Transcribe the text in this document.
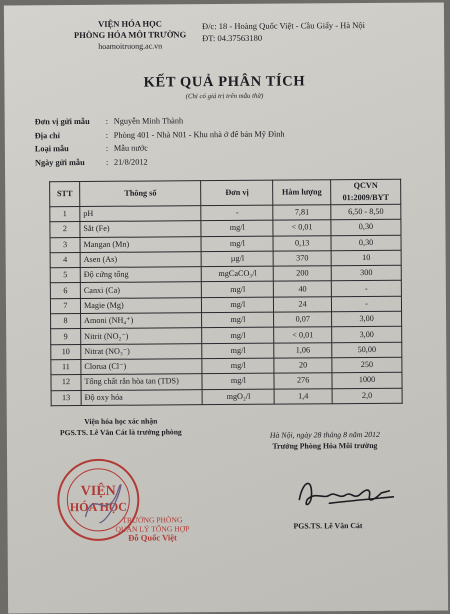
VIỆN HÓA HỌC
PHÒNG HÓA MÔI TRƯỜNG
hoamoitruong.ac.vn
Đ/c: 18 - Hoàng Quốc Việt - Cầu Giấy - Hà Nội
ĐT: 04.37563180
KẾT QUẢ PHÂN TÍCH
(Chỉ có giá trị trên mẫu thử)
Đơn vị gửi mẫu	: Nguyễn Minh Thành
Địa chỉ	: Phòng 401 - Nhà N01 - Khu nhà ở để bán Mỹ Đình
Loại mẫu	: Mẫu nước
Ngày gửi mẫu	: 21/8/2012
STT	Thông số	Đơn vị	Hàm lượng	QCVN
01:2009/BYT

1	pH	-	7,81	6,50 - 8,50
2	Sắt (Fe)	mg/l	< 0,01	0,30
3	Mangan (Mn)	mg/l	0,13	0,30
4	Asen (As)	µg/l	370	10
5	Độ cứng tổng	mgCaCO₃/l	200	300
6	Canxi (Ca)	mg/l	40	-
7	Magie (Mg)	mg/l	24	-
8	Amoni (NH₄⁺)	mg/l	0,07	3,00
9	Nitrit (NO₂⁻)	mg/l	< 0,01	3,00
10	Nitrat (NO₃⁻)	mg/l	1,06	50,00
11	Clorua (Cl⁻)	mg/l	20	250
12	Tổng chất rắn hòa tan (TDS)	mg/l	276	1000
13	Độ oxy hóa	mgO₂/l	1,4	2,0
Viện hóa học xác nhận
PGS.TS. Lê Văn Cát là trưởng phòng
VIỆN
HÓA HỌC
TRƯỞNG PHÒNG
QUẢN LÝ TỔNG HỢP
Đỗ Quốc Việt
Hà Nội, ngày 28 tháng 8 năm 2012
Trưởng Phòng Hóa Môi trường
PGS.TS. Lê Văn Cát
